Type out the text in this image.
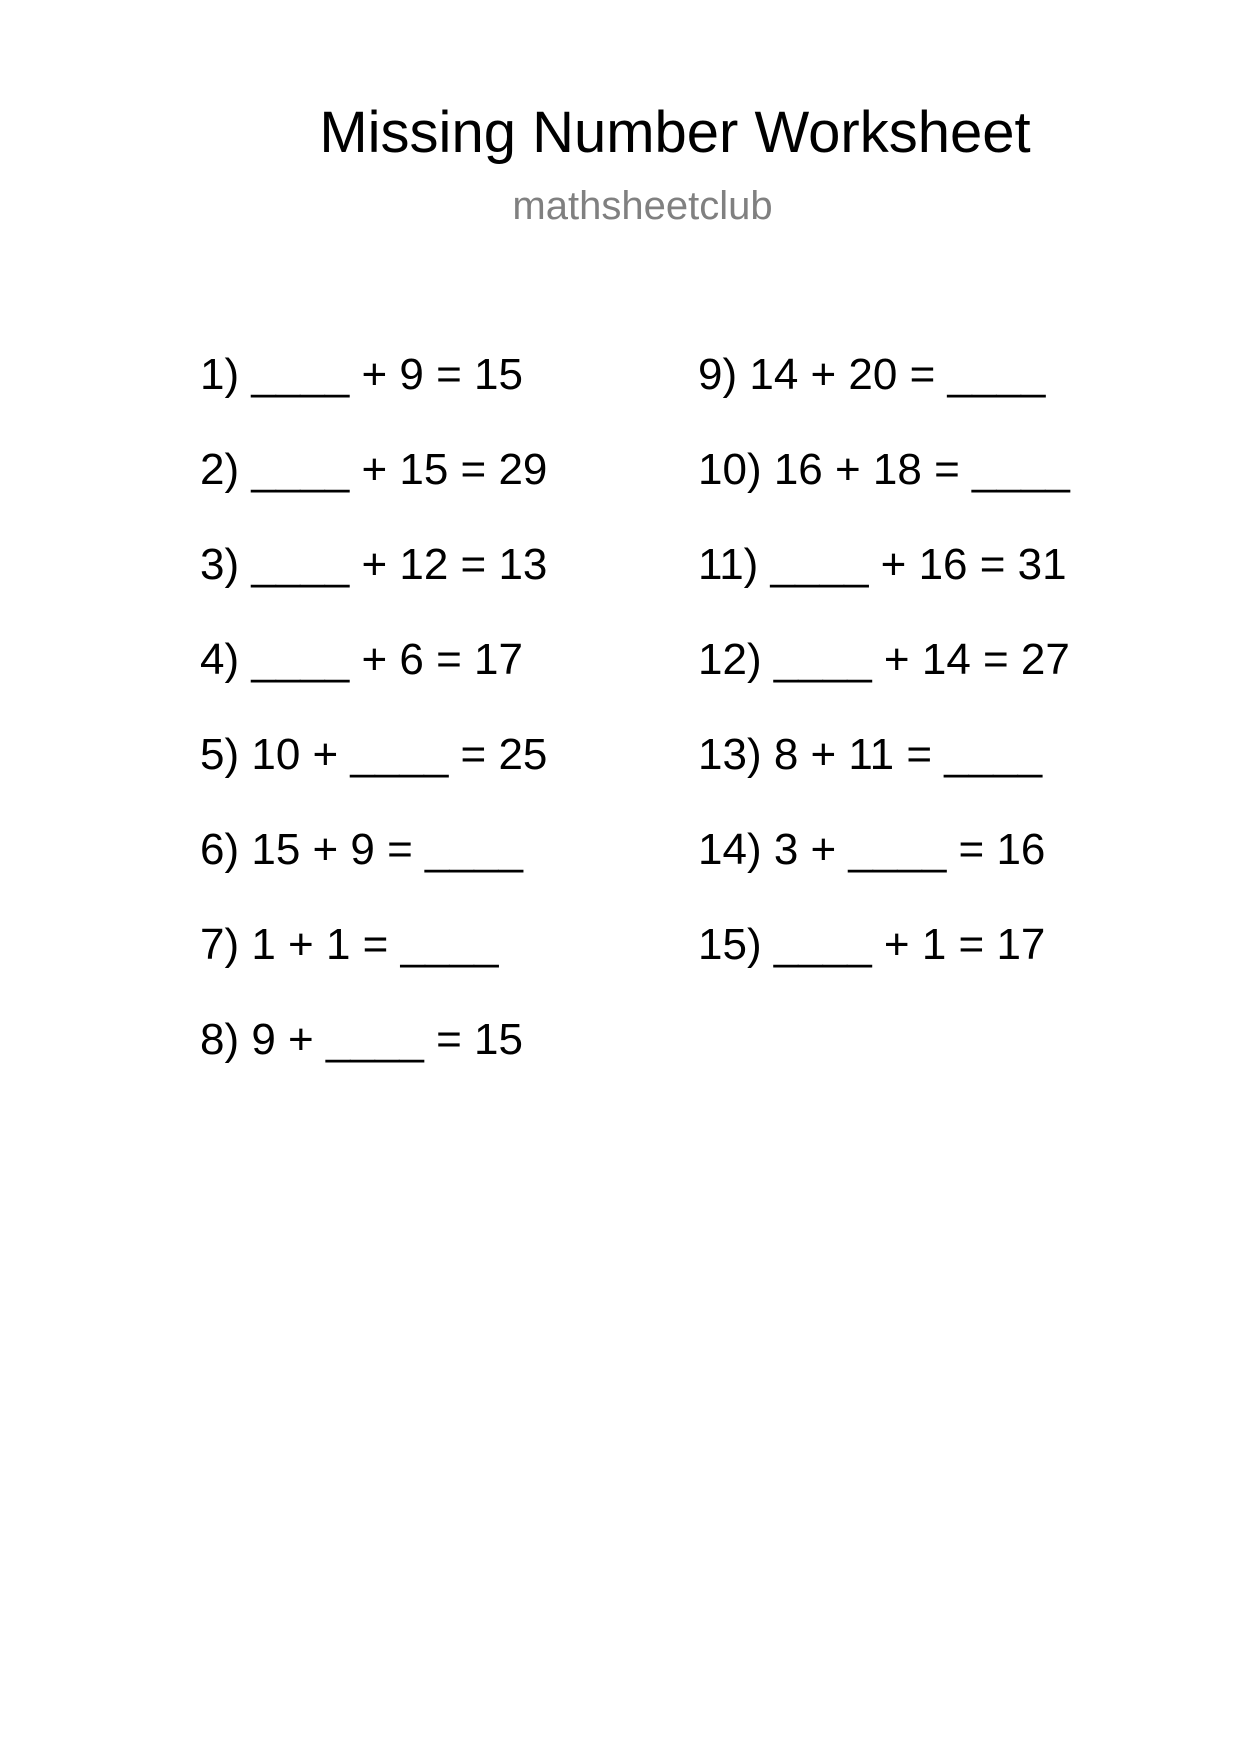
Missing Number Worksheet
mathsheetclub
1) ____ + 9 = 15
2) ____ + 15 = 29
3) ____ + 12 = 13
4) ____ + 6 = 17
5) 10 + ____ = 25
6) 15 + 9 = ____
7) 1 + 1 = ____
8) 9 + ____ = 15
9) 14 + 20 = ____
10) 16 + 18 = ____
11) ____ + 16 = 31
12) ____ + 14 = 27
13) 8 + 11 = ____
14) 3 + ____ = 16
15) ____ + 1 = 17
